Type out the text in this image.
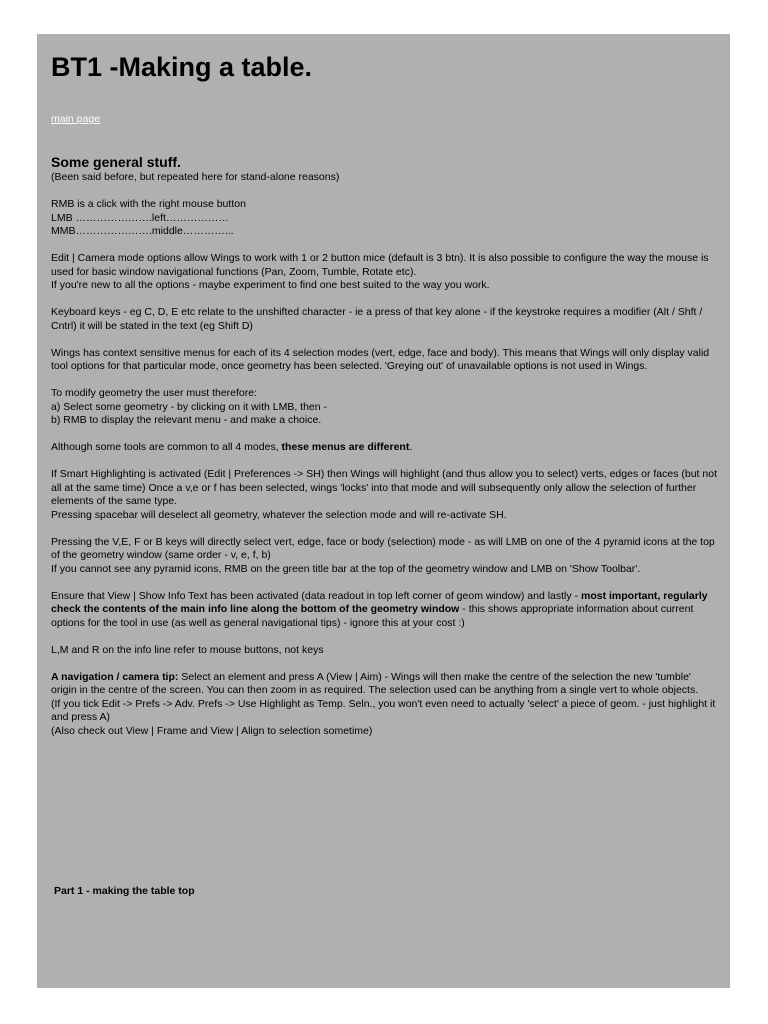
BT1 -Making a table.
main page
Some general stuff.

(Been said before, but repeated here for stand-alone reasons)

RMB is a click with the right mouse button
LMB ………………….left………………
MMB………………….middle…………...

Edit | Camera mode options allow Wings to work with 1 or 2 button mice (default is 3 btn). It is also possible to configure the way the mouse is used for basic window navigational functions (Pan, Zoom, Tumble, Rotate etc).
If you're new to all the options - maybe experiment to find one best suited to the way you work.

Keyboard keys - eg C, D, E etc relate to the unshifted character - ie a press of that key alone - if the keystroke requires a modifier (Alt / Shft / Cntrl) it will be stated in the text (eg Shift D)

Wings has context sensitive menus for each of its 4 selection modes (vert, edge, face and body). This means that Wings will only display valid tool options for that particular mode, once geometry has been selected. 'Greying out' of unavailable options is not used in Wings.

To modify geometry the user must therefore:
a) Select some geometry - by clicking on it with LMB, then -
b) RMB to display the relevant menu - and make a choice.

Although some tools are common to all 4 modes, these menus are different.

If Smart Highlighting is activated (Edit | Preferences -> SH) then Wings will highlight (and thus allow you to select) verts, edges or faces (but not all at the same time) Once a v,e or f has been selected, wings 'locks' into that mode and will subsequently only allow the selection of further elements of the same type.
Pressing spacebar will deselect all geometry, whatever the selection mode and will re-activate SH.

Pressing the V,E, F or B keys will directly select vert, edge, face or body (selection) mode - as will LMB on one of the 4 pyramid icons at the top of the geometry window (same order - v, e, f, b)
If you cannot see any pyramid icons, RMB on the green title bar at the top of the geometry window and LMB on 'Show Toolbar'.

Ensure that View | Show Info Text has been activated (data readout in top left corner of geom window) and lastly - most important, regularly check the contents of the main info line along the bottom of the geometry window - this shows appropriate information about current options for the tool in use (as well as general navigational tips) - ignore this at your cost :)

L,M and R on the info line refer to mouse buttons, not keys

A navigation / camera tip: Select an element and press A (View | Aim) - Wings will then make the centre of the selection the new 'tumble' origin in the centre of the screen. You can then zoom in as required. The selection used can be anything from a single vert to whole objects.
(If you tick Edit -> Prefs -> Adv. Prefs -> Use Highlight as Temp. Seln., you won't even need to actually 'select' a piece of geom. - just highlight it and press A)
(Also check out View | Frame and View | Align to selection sometime)

Part 1 - making the table top
